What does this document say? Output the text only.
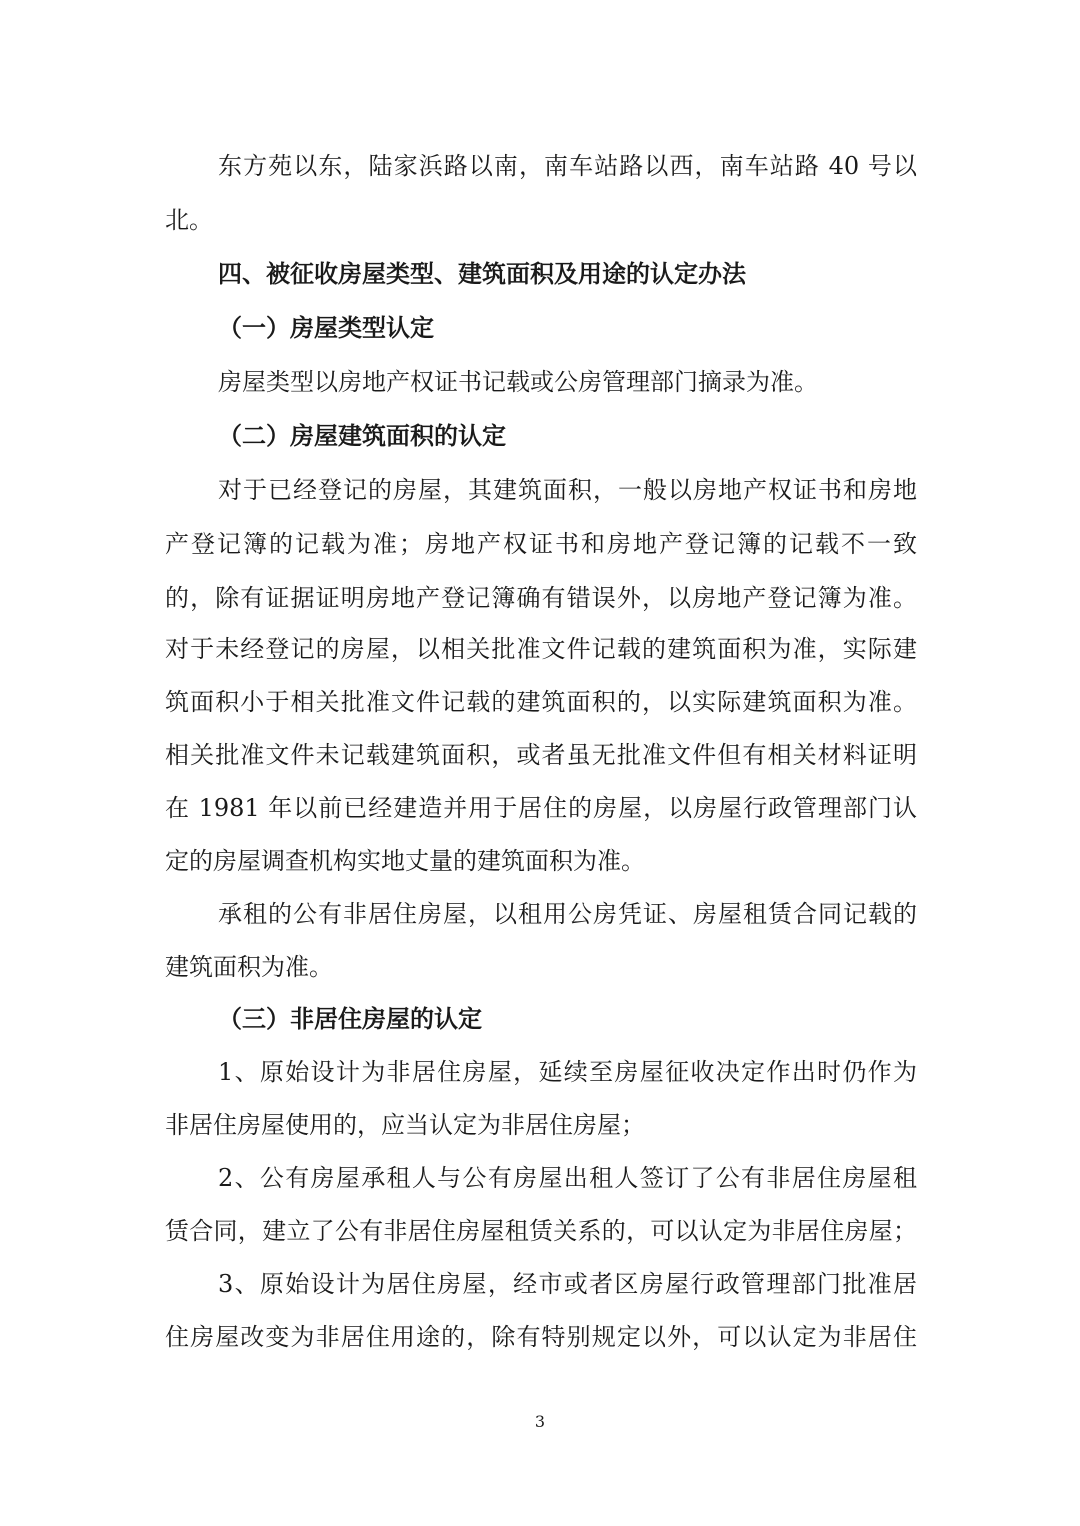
东方苑以东，陆家浜路以南，南车站路以西，南车站路 40 号以

北。

四、被征收房屋类型、建筑面积及用途的认定办法

（一）房屋类型认定

房屋类型以房地产权证书记载或公房管理部门摘录为准。

（二）房屋建筑面积的认定

对于已经登记的房屋，其建筑面积，一般以房地产权证书和房地

产登记簿的记载为准；房地产权证书和房地产登记簿的记载不一致

的，除有证据证明房地产登记簿确有错误外，以房地产登记簿为准。

对于未经登记的房屋，以相关批准文件记载的建筑面积为准，实际建

筑面积小于相关批准文件记载的建筑面积的，以实际建筑面积为准。

相关批准文件未记载建筑面积，或者虽无批准文件但有相关材料证明

在 1981 年以前已经建造并用于居住的房屋，以房屋行政管理部门认

定的房屋调查机构实地丈量的建筑面积为准。

承租的公有非居住房屋，以租用公房凭证、房屋租赁合同记载的

建筑面积为准。

（三）非居住房屋的认定

1、原始设计为非居住房屋，延续至房屋征收决定作出时仍作为

非居住房屋使用的，应当认定为非居住房屋；

2、公有房屋承租人与公有房屋出租人签订了公有非居住房屋租

赁合同，建立了公有非居住房屋租赁关系的，可以认定为非居住房屋；

3、原始设计为居住房屋，经市或者区房屋行政管理部门批准居

住房屋改变为非居住用途的，除有特别规定以外，可以认定为非居住

3
